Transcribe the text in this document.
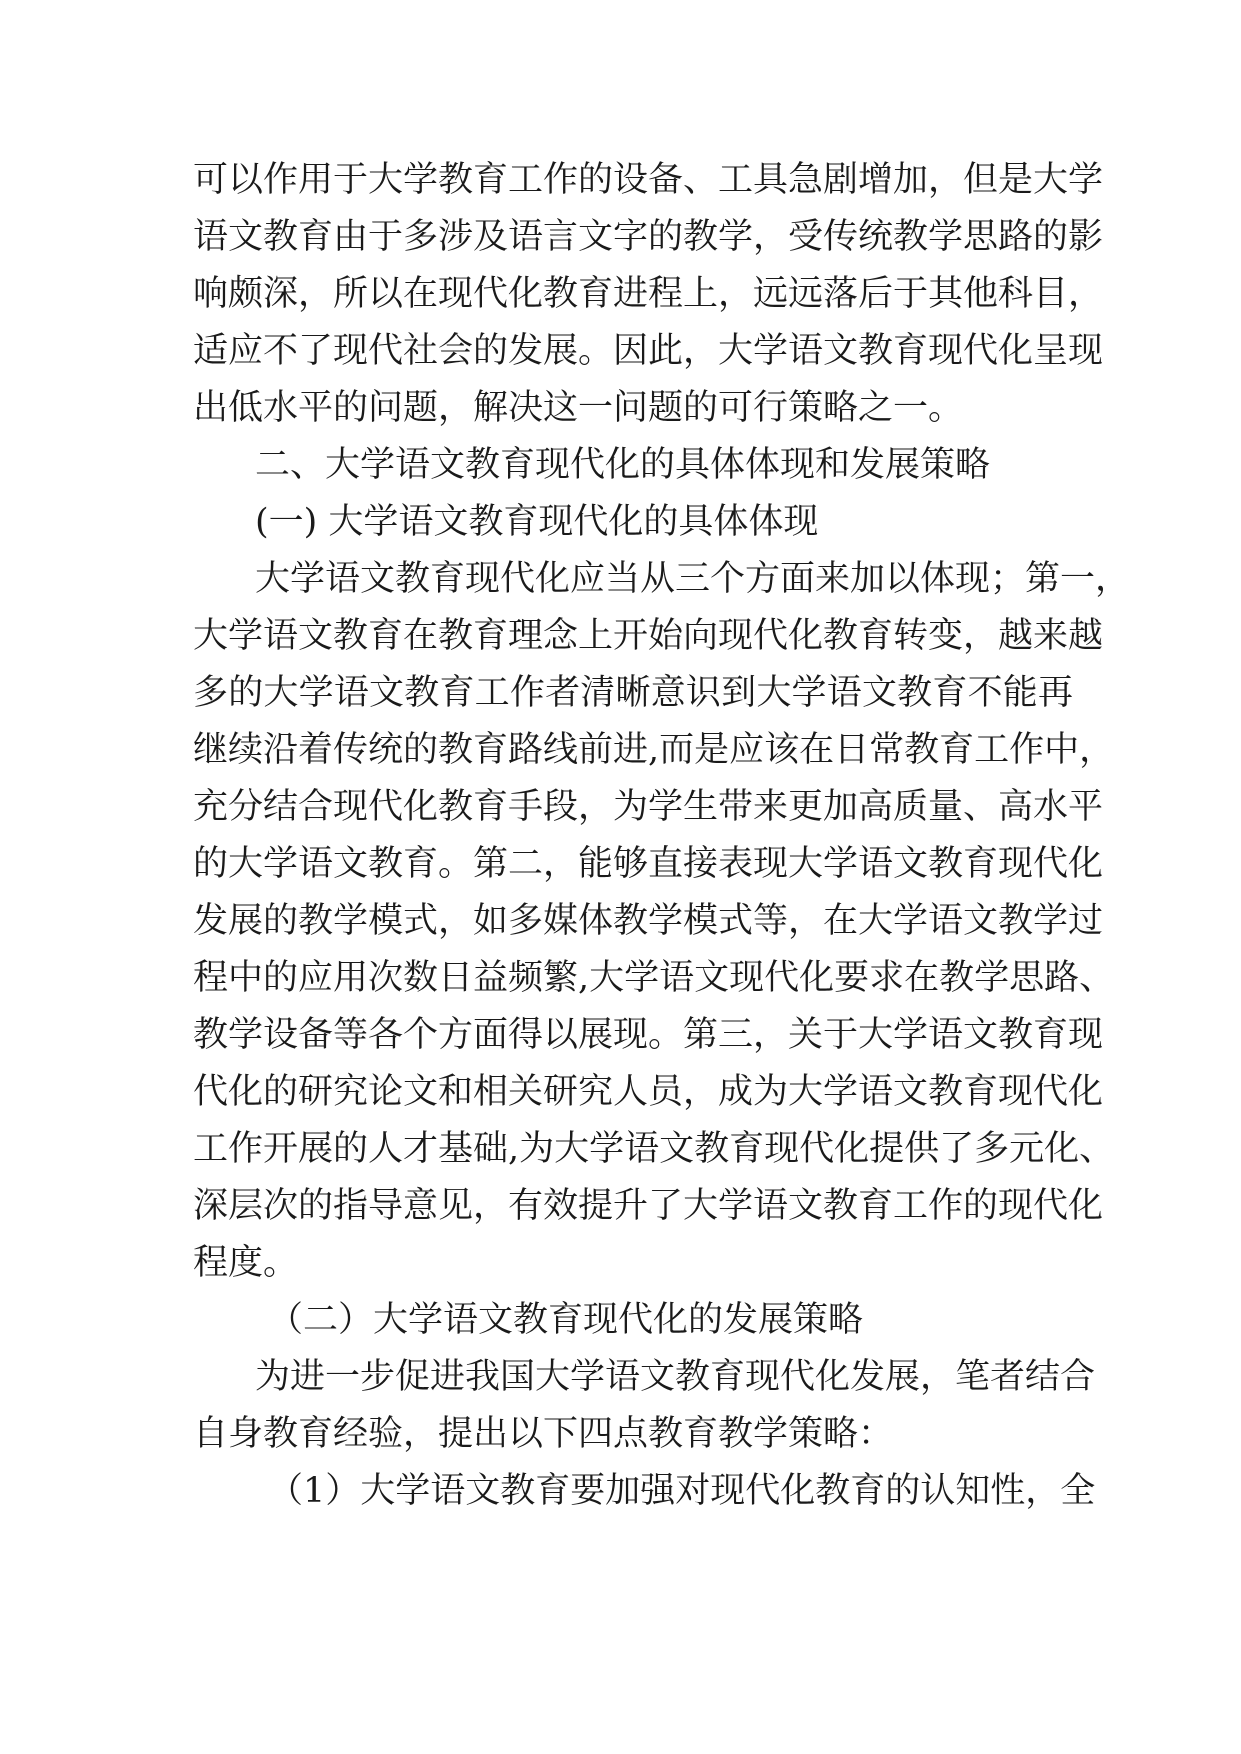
可以作用于大学教育工作的设备、工具急剧增加，但是大学
语文教育由于多涉及语言文字的教学，受传统教学思路的影
响颇深，所以在现代化教育进程上，远远落后于其他科目，
适应不了现代社会的发展。因此，大学语文教育现代化呈现
出低水平的问题，解决这一问题的可行策略之一。
二、大学语文教育现代化的具体体现和发展策略
(一) 大学语文教育现代化的具体体现
大学语文教育现代化应当从三个方面来加以体现；第一，
大学语文教育在教育理念上开始向现代化教育转变，越来越
多的大学语文教育工作者清晰意识到大学语文教育不能再
继续沿着传统的教育路线前进,而是应该在日常教育工作中，
充分结合现代化教育手段，为学生带来更加高质量、高水平
的大学语文教育。第二，能够直接表现大学语文教育现代化
发展的教学模式，如多媒体教学模式等，在大学语文教学过
程中的应用次数日益频繁,大学语文现代化要求在教学思路、
教学设备等各个方面得以展现。第三，关于大学语文教育现
代化的研究论文和相关研究人员，成为大学语文教育现代化
工作开展的人才基础,为大学语文教育现代化提供了多元化、
深层次的指导意见，有效提升了大学语文教育工作的现代化
程度。
（二）大学语文教育现代化的发展策略
为进一步促进我国大学语文教育现代化发展，笔者结合
自身教育经验，提出以下四点教育教学策略：
（1）大学语文教育要加强对现代化教育的认知性，全
